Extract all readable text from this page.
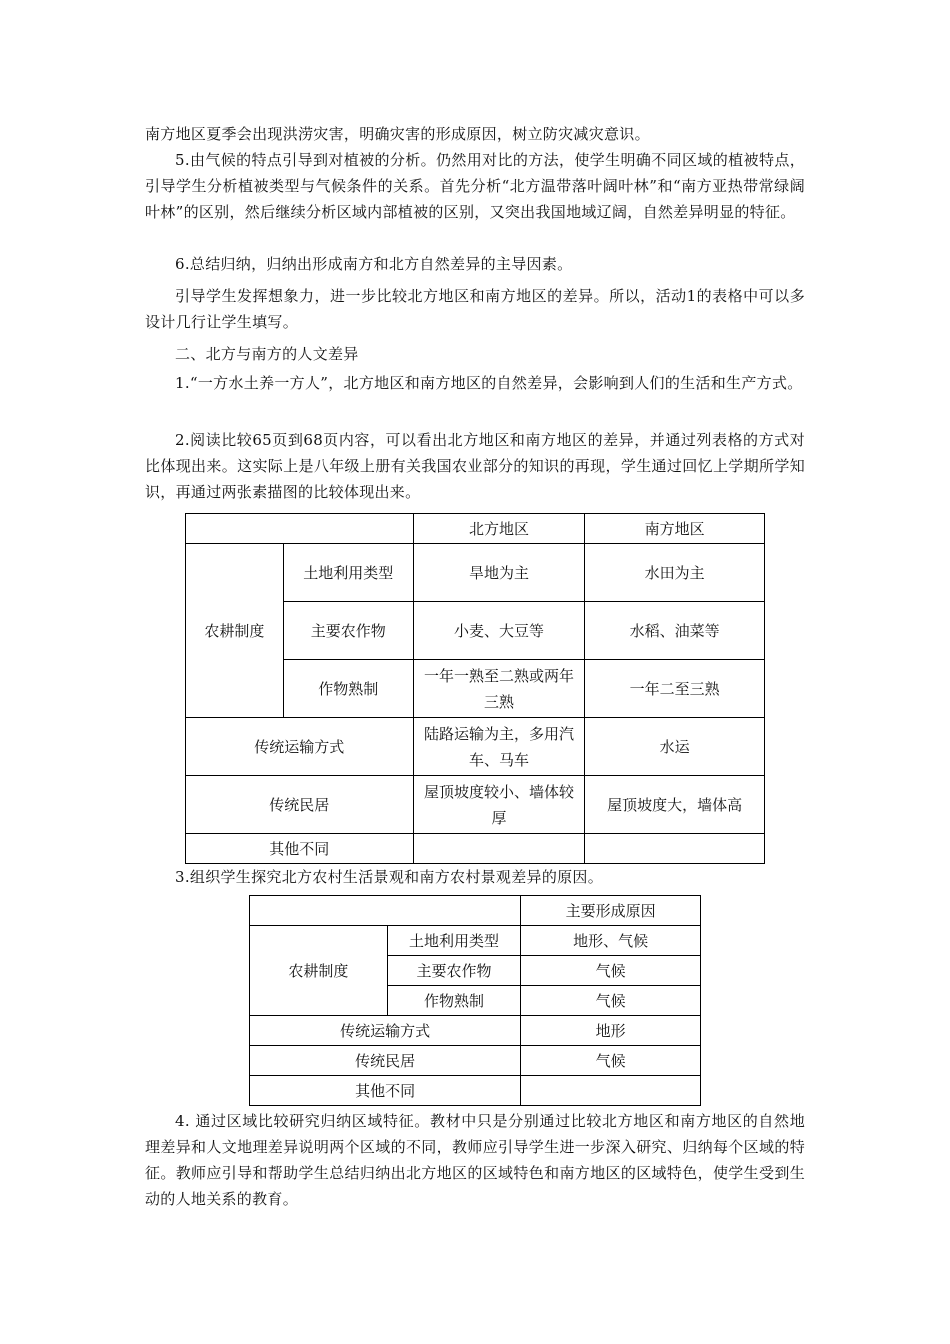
南方地区夏季会出现洪涝灾害，明确灾害的形成原因，树立防灾减灾意识。

5.由气候的特点引导到对植被的分析。仍然用对比的方法，使学生明确不同区域的植被特点，引导学生分析植被类型与气候条件的关系。首先分析“北方温带落叶阔叶林”和“南方亚热带常绿阔叶林”的区别，然后继续分析区域内部植被的区别，又突出我国地域辽阔，自然差异明显的特征。

6.总结归纳，归纳出形成南方和北方自然差异的主导因素。

引导学生发挥想象力，进一步比较北方地区和南方地区的差异。所以，活动1的表格中可以多设计几行让学生填写。

二、北方与南方的人文差异

1.“一方水土养一方人”，北方地区和南方地区的自然差异，会影响到人们的生活和生产方式。

2.阅读比较65页到68页内容，可以看出北方地区和南方地区的差异，并通过列表格的方式对比体现出来。这实际上是八年级上册有关我国农业部分的知识的再现，学生通过回忆上学期所学知识，再通过两张素描图的比较体现出来。

		北方地区	南方地区
农耕制度	土地利用类型	旱地为主	水田为主
	主要农作物	小麦、大豆等	水稻、油菜等
	作物熟制	一年一熟至二熟或两年三熟	一年二至三熟
传统运输方式		陆路运输为主，多用汽车、马车	水运
传统民居		屋顶坡度较小、墙体较厚	屋顶坡度大，墙体高
其他不同			

3.组织学生探究北方农村生活景观和南方农村景观差异的原因。

		主要形成原因
农耕制度	土地利用类型	地形、气候
	主要农作物	气候
	作物熟制	气候
传统运输方式		地形
传统民居		气候
其他不同		

4. 通过区域比较研究归纳区域特征。教材中只是分别通过比较北方地区和南方地区的自然地理差异和人文地理差异说明两个区域的不同，教师应引导学生进一步深入研究、归纳每个区域的特征。教师应引导和帮助学生总结归纳出北方地区的区域特色和南方地区的区域特色，使学生受到生动的人地关系的教育。
